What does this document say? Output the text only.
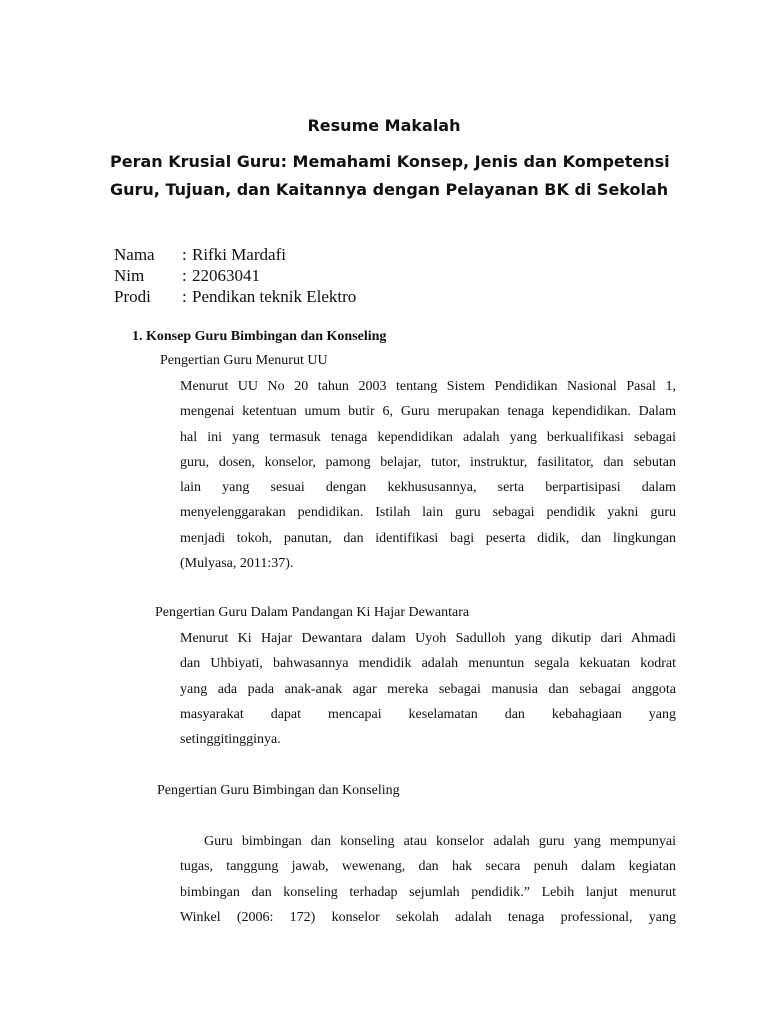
Resume Makalah
Peran Krusial Guru: Memahami Konsep, Jenis dan Kompetensi
Guru, Tujuan, dan Kaitannya dengan Pelayanan BK di Sekolah
Nama	: Rifki Mardafi
Nim	: 22063041
Prodi	: Pendikan teknik Elektro
1. Konsep Guru Bimbingan dan Konseling
Pengertian Guru Menurut UU
Menurut UU No 20 tahun 2003 tentang Sistem Pendidikan Nasional Pasal 1,
mengenai ketentuan umum butir 6, Guru merupakan tenaga kependidikan. Dalam
hal ini yang termasuk tenaga kependidikan adalah yang berkualifikasi sebagai
guru, dosen, konselor, pamong belajar, tutor, instruktur, fasilitator, dan sebutan
lain yang sesuai dengan kekhususannya, serta berpartisipasi dalam
menyelenggarakan pendidikan. Istilah lain guru sebagai pendidik yakni guru
menjadi tokoh, panutan, dan identifikasi bagi peserta didik, dan lingkungan
(Mulyasa, 2011:37).
Pengertian Guru Dalam Pandangan Ki Hajar Dewantara
Menurut Ki Hajar Dewantara dalam Uyoh Sadulloh yang dikutip dari Ahmadi
dan Uhbiyati, bahwasannya mendidik adalah menuntun segala kekuatan kodrat
yang ada pada anak-anak agar mereka sebagai manusia dan sebagai anggota
masyarakat dapat mencapai keselamatan dan kebahagiaan yang
setinggitingginya.
Pengertian Guru Bimbingan dan Konseling
Guru bimbingan dan konseling atau konselor adalah guru yang mempunyai
tugas, tanggung jawab, wewenang, dan hak secara penuh dalam kegiatan
bimbingan dan konseling terhadap sejumlah pendidik.” Lebih lanjut menurut
Winkel (2006: 172) konselor sekolah adalah tenaga professional, yang
